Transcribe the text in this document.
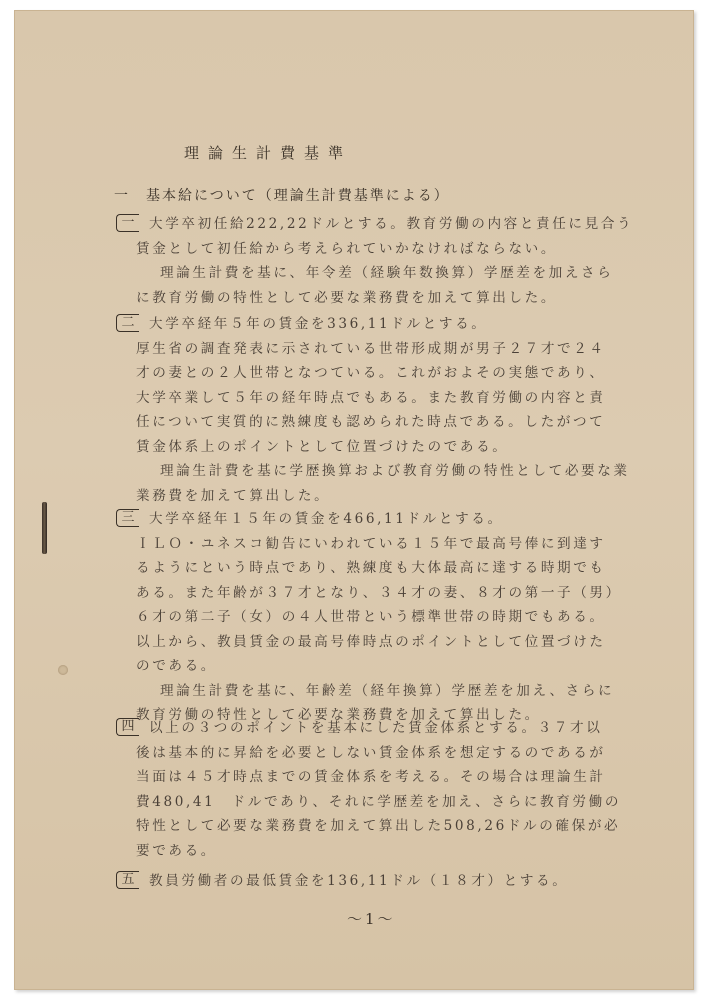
理論生計費基準
一　基本給について（理論生計費基準による）
一	大学卒初任給222,22ドルとする。教育労働の内容と責任に見合う
賃金として初任給から考えられていかなければならない。
理論生計費を基に、年令差（経験年数換算）学歴差を加えさら
に教育労働の特性として必要な業務費を加えて算出した。
二	大学卒経年５年の賃金を336,11ドルとする。
厚生省の調査発表に示されている世帯形成期が男子２７才で２４
才の妻との２人世帯となつている。これがおよその実態であり、
大学卒業して５年の経年時点でもある。また教育労働の内容と責
任について実質的に熟練度も認められた時点である。したがつて
賃金体系上のポイントとして位置づけたのである。
理論生計費を基に学歴換算および教育労働の特性として必要な業
業務費を加えて算出した。
三	大学卒経年１５年の賃金を466,11ドルとする。
ＩＬＯ・ユネスコ勧告にいわれている１５年で最高号俸に到達す
るようにという時点であり、熟練度も大体最高に達する時期でも
ある。また年齢が３７才となり、３４才の妻、８才の第一子（男）
６才の第二子（女）の４人世帯という標準世帯の時期でもある。
以上から、教員賃金の最高号俸時点のポイントとして位置づけた
のである。
理論生計費を基に、年齢差（経年換算）学歴差を加え、さらに
教育労働の特性として必要な業務費を加えて算出した。
四	以上の３つのポイントを基本にした賃金体系とする。３７才以
後は基本的に昇給を必要としない賃金体系を想定するのであるが
当面は４５才時点までの賃金体系を考える。その場合は理論生計
費480,41　ドルであり、それに学歴差を加え、さらに教育労働の
特性として必要な業務費を加えて算出した508,26ドルの確保が必
要である。
～1～
五	教員労働者の最低賃金を136,11ドル（１８才）とする。
